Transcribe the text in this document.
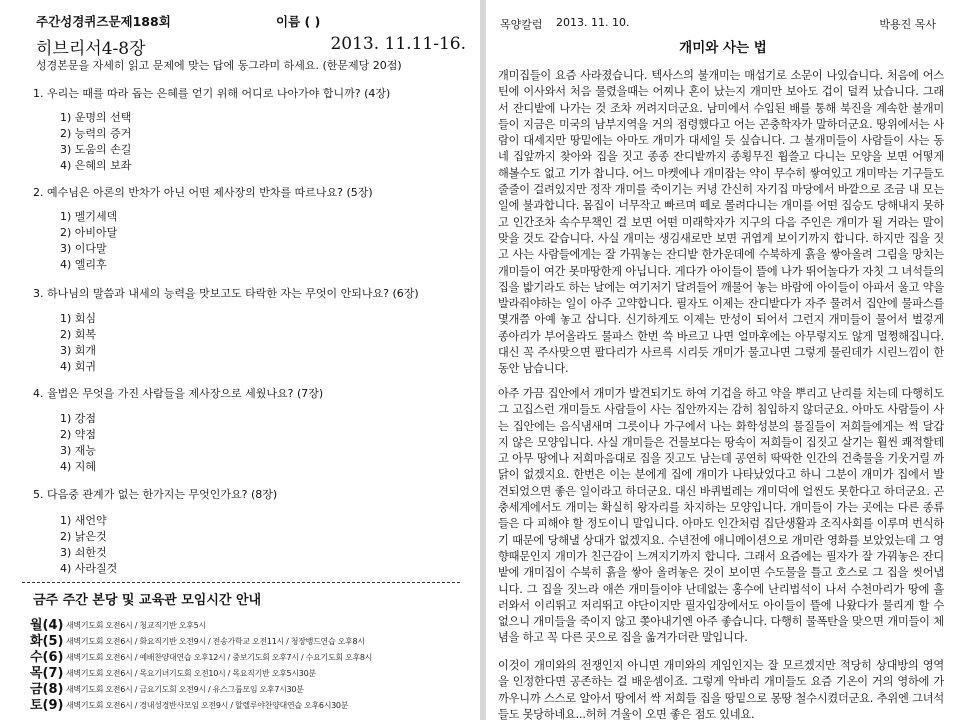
주간성경퀴즈문제188회	이름 ( )
히브리서4-8장	2013. 11.11-16.
성경본문을 자세히 읽고 문제에 맞는 답에 동그라미 하세요. (한문제당 20점)
1. 우리는 때를 따라 돕는 은혜를 얻기 위해 어디로 나아가야 합니까? (4장)
1) 운명의 선택
2) 능력의 증거
3) 도움의 손길
4) 은혜의 보좌
2. 예수님은 아론의 반차가 아닌 어떤 제사장의 반차를 따르나요? (5장)
1) 멜기세덱
2) 아비아달
3) 이다말
4) 엘리후
3. 하나님의 말씀과 내세의 능력을 맛보고도 타락한 자는 무엇이 안되나요? (6장)
1) 회심
2) 회복
3) 회개
4) 회귀
4. 율법은 무엇을 가진 사람들을 제사장으로 세웠나요? (7장)
1) 강점
2) 약점
3) 재능
4) 지혜
5. 다음중 관계가 없는 한가지는 무엇인가요? (8장)
1) 새언약
2) 낡은것
3) 쇠한것
4) 사라질것
금주 주간 본당 및 교육관 모임시간 안내
월(4) 새벽기도회 오전6시 / 청교직기반 오후5시
화(5) 새벽기도회 오전6시 / 화요직기반 오전9시 / 전송가학교 오전11시 / 청장뱅드연습 오후8시
수(6) 새벽기도회 오전6시 / 예배찬양대연습 오후12시 / 중보기도회 오후7시 / 수요기도회 오후8시
목(7) 새벽기도회 오전6시 / 목요기녀기도회 오전10시 / 목요직기반 오후5시30분
금(8) 새벽기도회 오전6시 / 금요기도회 오전9시 / 유스그룹모임 오후7시30분
토(9) 새벽기도회 오전6시 / 경내성경반사모임 오전9시 / 할렐루야찬양대연습 오후6시30분
목양칼럼 2013. 11. 10.	박용진 목사
개미와 사는 법

개미집들이 요즘 사라졌습니다. 텍사스의 불개미는 매섭기로 소문이 나있습니다. 처음에 어스틴에 이사와서 처음 물렸을때는 어찌나 혼이 났는지 개미만 보아도 겁이 덜컥 났습니다. 그래서 잔디밭에 나가는 것 조차 꺼려지더군요. 남미에서 수입된 배를 통해 북진을 계속한 불개미들이 지금은 미국의 남부지역을 거의 점령했다고 어는 곤충학자가 말하더군요. 땅위에서는 사람이 대세지만 땅밑에는 아마도 개미가 대세일 듯 싶습니다. 그 불개미들이 사람들이 사는 동네 집앞까지 찾아와 집을 짓고 종종 잔디밭까지 종횡무진 휩쓸고 다니는 모양을 보면 어떻게 해볼수도 없고 기가 찹니다. 어느 마켓에나 개미잡는 약이 무수히 쌓여있고 개미막는 기구들도 줄줄이 걸려있지만 정작 개미를 죽이기는 커녕 간신히 자기집 마당에서 바깥으로 조금 내 모는 일에 불과합니다. 몸집이 너무작고 빠르며 떼로 몰려다니는 개미를 어떤 집승도 당해내지 못하고 인간조차 속수무책인 걸 보면 어떤 미래학자가 지구의 다음 주인은 개미가 될 거라는 말이 맞을 것도 같습니다. 사실 개미는 생김새로만 보면 귀엽게 보이기까지 합니다. 하지만 집을 짓고 사는 사람들에게는 잘 가꿔놓는 잔디밭 한가운데에 수북하게 흙을 쌓아올려 그림을 망치는 개미들이 여간 못마땅한게 아닙니다. 게다가 아이들이 뜰에 나가 뛰어놀다가 자칫 그 녀석들의 집을 밟기라도 하는 날에는 여기저기 달려들어 깨물어 놓는 바람에 아이들이 아파서 울고 약을 발라줘야하는 일이 아주 고약합니다. 필자도 이제는 잔디밭다가 자주 물려서 집안에 물파스를 몇개쯤 아예 놓고 삽니다. 신기하게도 이제는 만성이 되어서 그런지 개미들이 물어서 벌겋게 종아리가 부어올라도 물파스 한번 쓱 바르고 나면 얼마후에는 아무렇지도 않게 멀쩡해집니다. 대신 꼭 주사맞으면 팔다리가 사르륵 시리듯 개미가 물고나면 그렇게 물린데가 시린느낌이 한동안 남습니다.

아주 가끔 집안에서 개미가 발견되기도 하여 기겁을 하고 약을 뿌리고 난리를 치는데 다행히도 그 고집스런 개미들도 사람들이 사는 집안까지는 감히 침입하지 않더군요. 아마도 사람들이 사는 집안에는 음식냄새며 그릇이나 가구에서 나는 화학성분의 물질들이 저희들에게는 썩 달갑지 않은 모양입니다. 사실 개미들은 건물보다는 땅속이 저희들이 집짓고 살기는 훨씬 쾌적할테고 아무 땅에나 저희마음대로 집을 짓고도 남는데 공연히 딱딱한 인간의 건축물을 기웃거릴 까닭이 없겠지요. 한번은 이는 분에게 집에 개미가 나타났었다고 하니 그분이 개미가 집에서 발견되었으면 좋은 일이라고 하더군요. 대신 바퀴벌레는 개미덕에 얼씬도 못한다고 하더군요. 곤충세계에서도 개미는 확실히 왕자리를 차지하는 모양입니다. 개미들이 가는 곳에는 다른 종류들은 다 피해야 할 정도이니 말입니다. 아마도 인간처럼 집단생활과 조직사회를 이루며 번식하기 때문에 당해낼 상대가 없겠지요. 수년전에 애니메이션으로 개미란 영화를 보았었는데 그 영향때문인지 개미가 친근감이 느껴지기까지 합니다. 그래서 요즘에는 필자가 잘 가꿔놓은 잔디밭에 개미집이 수북히 흙을 쌓아 올려놓은 것이 보이면 수도물을 틀고 호스로 그 집을 씻어냅니다. 그 집을 짓느라 애쓴 개미들이야 난데없는 홍수에 난리법석이 나서 수천마리가 땅에 흘러와서 이리뛰고 저리뛰고 야단이지만 필자입장에서도 아이들이 뜰에 나왔다가 물리게 할 수 없으니 개미들을 죽이지 않고 쫒아내기엔 아주 좋습니다. 다행히 물폭탄을 맞으면 개미들이 체념을 하고 꼭 다른 곳으로 집을 옮겨가더란 말입니다.

이것이 개미와의 전쟁인지 아니면 개미와의 게임인지는 잘 모르겠지만 적당히 상대방의 영역을 인정한다면 공존하는 걸 배운셈이죠. 그렇게 악바리 개미들도 요즘 기온이 거의 영하에 가까우니까 스스로 알아서 땅에서 싹 저희들 집을 땅밑으로 몽땅 철수시켰더군요. 추위엔 그녀석들도 못당하네요...허허 겨울이 오면 좋은 점도 있네요.
